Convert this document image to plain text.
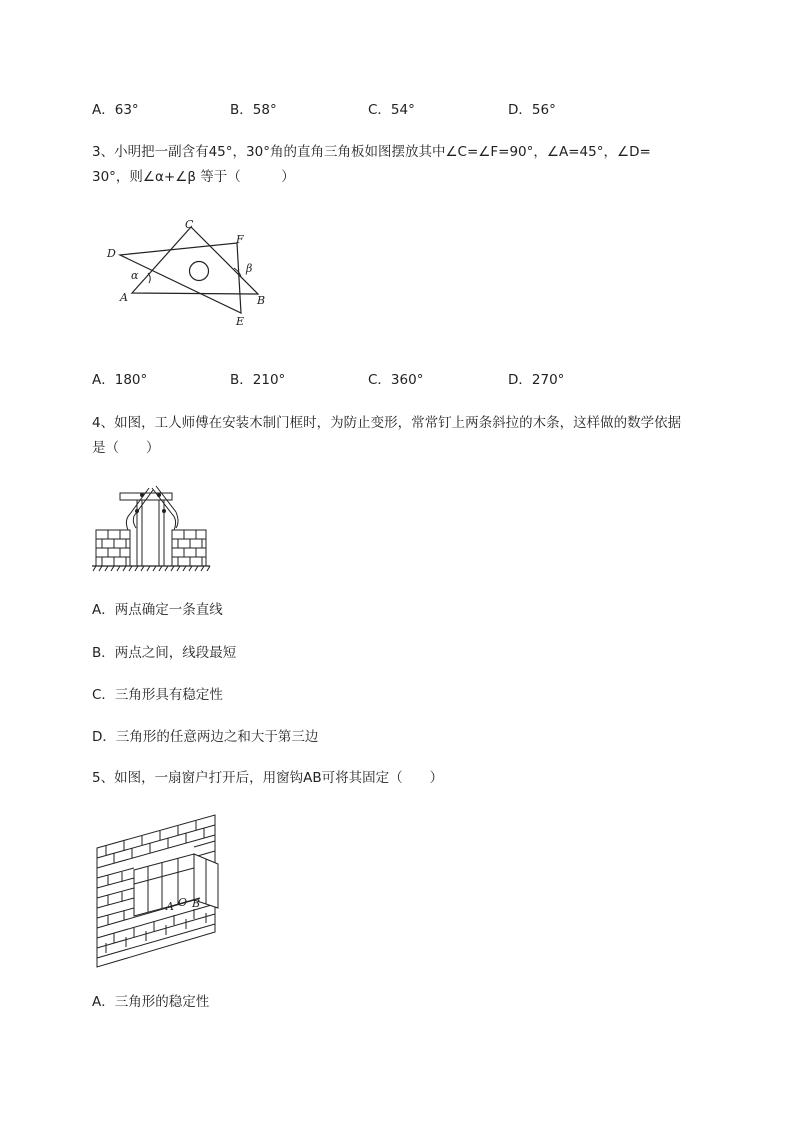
A．63°	B．58°	C．54°	D．56°
3、小明把一副含有45°，30°角的直角三角板如图摆放其中∠C=∠F=90°，∠A=45°，∠D=
30°，则∠α+∠β 等于（　　　）
C
F
D
α
β
A	B
E
A．180°	B．210°	C．360°	D．270°
4、如图，工人师傅在安装木制门框时，为防止变形，常常钉上两条斜拉的木条，这样做的数学依据
是（　　）
A．两点确定一条直线
B．两点之间，线段最短
C．三角形具有稳定性
D．三角形的任意两边之和大于第三边
5、如图，一扇窗户打开后，用窗钩AB可将其固定（　　）
A O B
A．三角形的稳定性
